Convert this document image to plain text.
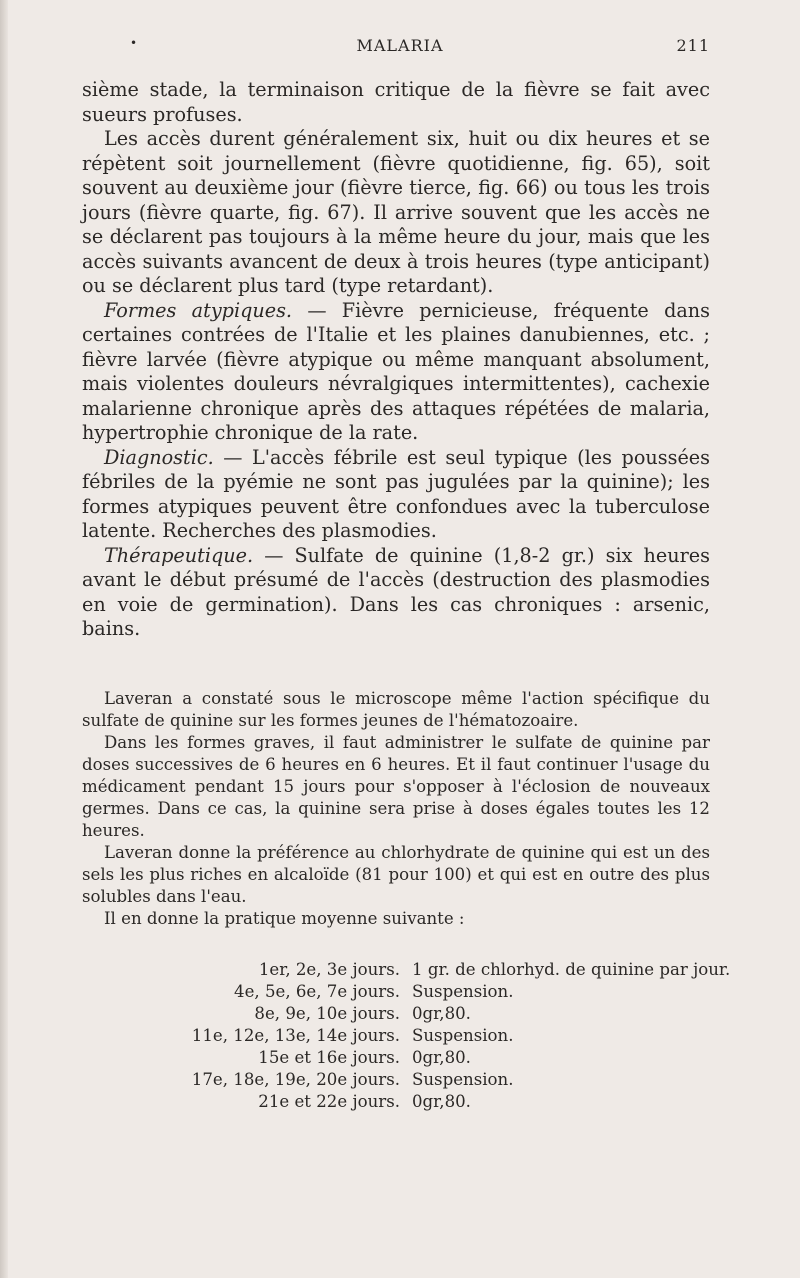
•	MALARIA	211

sième stade, la terminaison critique de la fièvre se fait avec sueurs profuses.

Les accès durent généralement six, huit ou dix heures et se répètent soit journellement (fièvre quotidienne, fig. 65), soit souvent au deuxième jour (fièvre tierce, fig. 66) ou tous les trois jours (fièvre quarte, fig. 67). Il arrive souvent que les accès ne se déclarent pas toujours à la même heure du jour, mais que les accès suivants avancent de deux à trois heures (type anticipant) ou se déclarent plus tard (type retardant).

Formes atypiques. — Fièvre pernicieuse, fréquente dans certaines contrées de l'Italie et les plaines danubiennes, etc. ; fièvre larvée (fièvre atypique ou même manquant absolument, mais violentes douleurs névralgiques intermittentes), cachexie malarienne chronique après des attaques répétées de malaria, hypertrophie chronique de la rate.

Diagnostic. — L'accès fébrile est seul typique (les poussées fébriles de la pyémie ne sont pas jugulées par la quinine); les formes atypiques peuvent être confondues avec la tuberculose latente. Recherches des plasmodies.

Thérapeutique. — Sulfate de quinine (1,8-2 gr.) six heures avant le début présumé de l'accès (destruction des plasmodies en voie de germination). Dans les cas chroniques : arsenic, bains.

Laveran a constaté sous le microscope même l'action spécifique du sulfate de quinine sur les formes jeunes de l'hématozoaire.

Dans les formes graves, il faut administrer le sulfate de quinine par doses successives de 6 heures en 6 heures. Et il faut continuer l'usage du médicament pendant 15 jours pour s'opposer à l'éclosion de nouveaux germes. Dans ce cas, la quinine sera prise à doses égales toutes les 12 heures.

Laveran donne la préférence au chlorhydrate de quinine qui est un des sels les plus riches en alcaloïde (81 pour 100) et qui est en outre des plus solubles dans l'eau.

Il en donne la pratique moyenne suivante :

1er, 2e, 3e jours. 1 gr. de chlorhyd. de quinine par jour.
4e, 5e, 6e, 7e jours. Suspension.
8e, 9e, 10e jours. 0gr,80.
11e, 12e, 13e, 14e jours. Suspension.
15e et 16e jours. 0gr,80.
17e, 18e, 19e, 20e jours. Suspension.
21e et 22e jours. 0gr,80.
